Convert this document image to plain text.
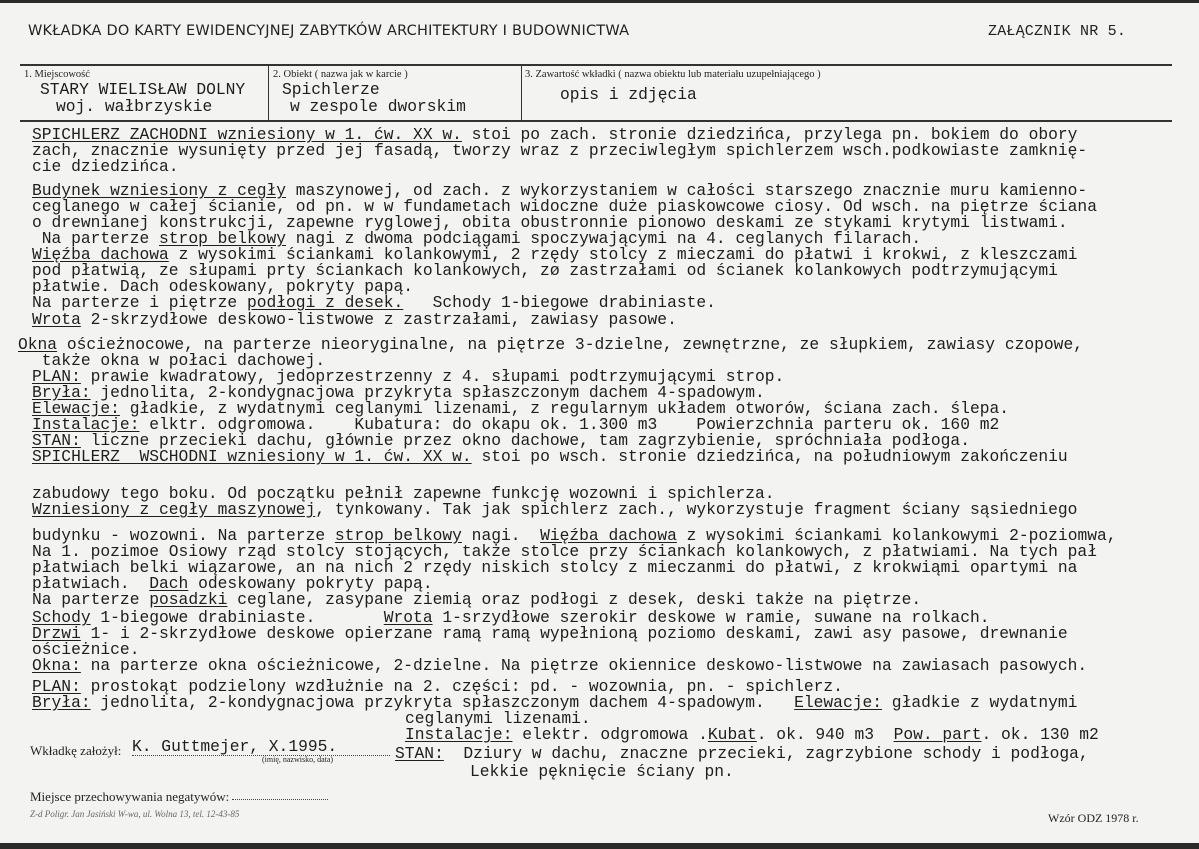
WKŁADKA DO KARTY EWIDENCYJNEJ ZABYTKÓW ARCHITEKTURY I BUDOWNICTWA	ZAŁĄCZNIK NR 5.
1. Miejscowość
STARY WIELISŁAW DOLNY
woj. wałbrzyskie
2. Obiekt ( nazwa jak w karcie )
Spichlerze
w zespole dworskim
3. Zawartość wkładki ( nazwa obiektu lub materiału uzupełniającego )
opis i zdjęcia
SPICHLERZ ZACHODNI wzniesiony w 1. ćw. XX w. stoi po zach. stronie dziedzińca, przylega pn. bokiem do obory
zach, znacznie wysunięty przed jej fasadą, tworzy wraz z przeciwległym spichlerzem wsch.podkowiaste zamknię-
cie dziedzińca.
Budynek wzniesiony z cegły maszynowej, od zach. z wykorzystaniem w całości starszego znacznie muru kamienno-
ceglanego w całej ścianie, od pn. w w fundametach widoczne duże piaskowcowe ciosy. Od wsch. na piętrze ściana
o drewnianej konstrukcji, zapewne ryglowej, obita obustronnie pionowo deskami ze stykami krytymi listwami.
Na parterze strop belkowy nagi z dwoma podciągami spoczywającymi na 4. ceglanych filarach.
Więźba dachowa z wysokimi ściankami kolankowymi, 2 rzędy stolcy z mieczami do płatwi i krokwi, z kleszczami
pod płatwią, ze słupami prty ściankach kolankowych, zø zastrzałami od ścianek kolankowych podtrzymującymi
płatwie. Dach odeskowany, pokryty papą.
Na parterze i piętrze podłogi z desek.   Schody 1-biegowe drabiniaste.
Wrota 2-skrzydłowe deskowo-listwowe z zastrzałami, zawiasy pasowe.
Okna ościeżnocowe, na parterze nieoryginalne, na piętrze 3-dzielne, zewnętrzne, ze słupkiem, zawiasy czopowe,
także okna w połaci dachowej.
PLAN: prawie kwadratowy, jedoprzestrzenny z 4. słupami podtrzymującymi strop.
Bryła: jednolita, 2-kondygnacjowa przykryta spłaszczonym dachem 4-spadowym.
Elewacje: gładkie, z wydatnymi ceglanymi lizenami, z regularnym układem otworów, ściana zach. ślepa.
Instalacje: elktr. odgromowa.    Kubatura: do okapu ok. 1.300 m3    Powierzchnia parteru ok. 160 m2
STAN: liczne przecieki dachu, głównie przez okno dachowe, tam zagrzybienie, spróchniała podłoga.
SPICHLERZ  WSCHODNI wzniesiony w 1. ćw. XX w. stoi po wsch. stronie dziedzińca, na południowym zakończeniu
zabudowy tego boku. Od początku pełnił zapewne funkcję wozowni i spichlerza.
Wzniesiony z cegły maszynowej, tynkowany. Tak jak spichlerz zach., wykorzystuje fragment ściany sąsiedniego
budynku - wozowni. Na parterze strop belkowy nagi.  Więźba dachowa z wysokimi ściankami kolankowymi 2-poziomwa,
Na 1. pozimoe Osiowy rząd stolcy stojących, także stolce przy ściankach kolankowych, z płatwiami. Na tych pał
płatwiach belki wiązarowe, an na nich 2 rzędy niskich stolcy z mieczanmi do płatwi, z krokwiąmi opartymi na
płatwiach.  Dach odeskowany pokryty papą.
Na parterze posadzki ceglane, zasypane ziemią oraz podłogi z desek, deski także na piętrze.
Schody 1-biegowe drabiniaste.       Wrota 1-srzydłowe szerokir deskowe w ramie, suwane na rolkach.
Drzwi 1- i 2-skrzydłowe deskowe opierzane ramą ramą wypełnioną poziomo deskami, zawi asy pasowe, drewnanie
ościeżnice.
Okna: na parterze okna ościeżnicowe, 2-dzielne. Na piętrze okiennice deskowo-listwowe na zawiasach pasowych.
PLAN: prostokąt podzielony wzdłużnie na 2. części: pd. - wozownia, pn. - spichlerz.
Bryła: jednolita, 2-kondygnacjowa przykryta spłaszczonym dachem 4-spadowym.   Elewacje: gładkie z wydatnymi
ceglanymi lizenami.
Instalacje: elektr. odgromowa .Kubat. ok. 940 m3  Pow. part. ok. 130 m2
STAN:  Dziury w dachu, znaczne przecieki, zagrzybione schody i podłoga,
Lekkie pęknięcie ściany pn.
Wkładkę założył: K. Guttmejer, X.1995.
(imię, nazwisko, data)
Miejsce przechowywania negatywów:
Z-d Poligr. Jan Jasiński W-wa, ul. Wolna 13, tel. 12-43-85	Wzór ODZ 1978 r.
